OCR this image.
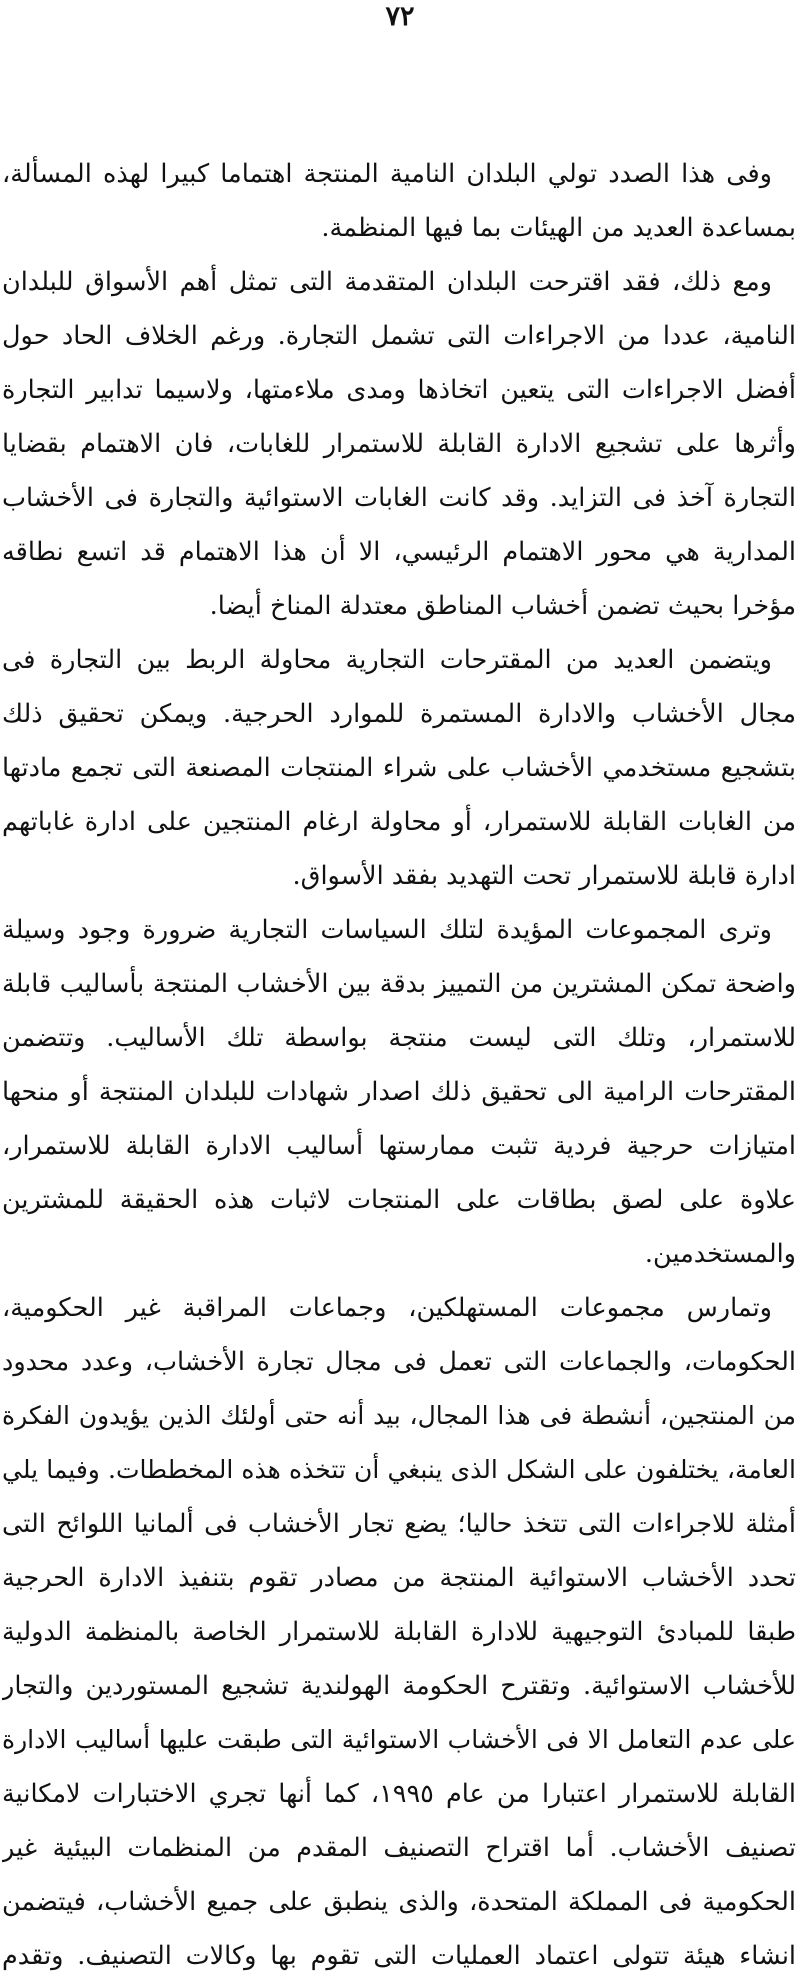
٧٢
وفى هذا الصدد تولي البلدان النامية المنتجة اهتماما كبيرا لهذه المسألة،
بمساعدة العديد من الهيئات بما فيها المنظمة.
ومع ذلك، فقد اقترحت البلدان المتقدمة التى تمثل أهم الأسواق للبلدان
النامية، عددا من الاجراءات التى تشمل التجارة. ورغم الخلاف الحاد حول
أفضل الاجراءات التى يتعين اتخاذها ومدى ملاءمتها، ولاسيما تدابير التجارة
وأثرها على تشجيع الادارة القابلة للاستمرار للغابات، فان الاهتمام بقضايا
التجارة آخذ فى التزايد. وقد كانت الغابات الاستوائية والتجارة فى الأخشاب
المدارية هي محور الاهتمام الرئيسي، الا أن هذا الاهتمام قد اتسع نطاقه
مؤخرا بحيث تضمن أخشاب المناطق معتدلة المناخ أيضا.
ويتضمن العديد من المقترحات التجارية محاولة الربط بين التجارة فى
مجال الأخشاب والادارة المستمرة للموارد الحرجية. ويمكن تحقيق ذلك
بتشجيع مستخدمي الأخشاب على شراء المنتجات المصنعة التى تجمع مادتها
من الغابات القابلة للاستمرار، أو محاولة ارغام المنتجين على ادارة غاباتهم
ادارة قابلة للاستمرار تحت التهديد بفقد الأسواق.
وترى المجموعات المؤيدة لتلك السياسات التجارية ضرورة وجود وسيلة
واضحة تمكن المشترين من التمييز بدقة بين الأخشاب المنتجة بأساليب قابلة
للاستمرار، وتلك التى ليست منتجة بواسطة تلك الأساليب. وتتضمن
المقترحات الرامية الى تحقيق ذلك اصدار شهادات للبلدان المنتجة أو منحها
امتيازات حرجية فردية تثبت ممارستها أساليب الادارة القابلة للاستمرار،
علاوة على لصق بطاقات على المنتجات لاثبات هذه الحقيقة للمشترين
والمستخدمين.
وتمارس مجموعات المستهلكين، وجماعات المراقبة غير الحكومية،
الحكومات، والجماعات التى تعمل فى مجال تجارة الأخشاب، وعدد محدود
من المنتجين، أنشطة فى هذا المجال، بيد أنه حتى أولئك الذين يؤيدون الفكرة
العامة، يختلفون على الشكل الذى ينبغي أن تتخذه هذه المخططات. وفيما يلي
أمثلة للاجراءات التى تتخذ حاليا؛ يضع تجار الأخشاب فى ألمانيا اللوائح التى
تحدد الأخشاب الاستوائية المنتجة من مصادر تقوم بتنفيذ الادارة الحرجية
طبقا للمبادئ التوجيهية للادارة القابلة للاستمرار الخاصة بالمنظمة الدولية
للأخشاب الاستوائية. وتقترح الحكومة الهولندية تشجيع المستوردين والتجار
على عدم التعامل الا فى الأخشاب الاستوائية التى طبقت عليها أساليب الادارة
القابلة للاستمرار اعتبارا من عام ١٩٩٥، كما أنها تجري الاختبارات لامكانية
تصنيف الأخشاب. أما اقتراح التصنيف المقدم من المنظمات البيئية غير
الحكومية فى المملكة المتحدة، والذى ينطبق على جميع الأخشاب، فيتضمن
انشاء هيئة تتولى اعتماد العمليات التى تقوم بها وكالات التصنيف. وتقدم
